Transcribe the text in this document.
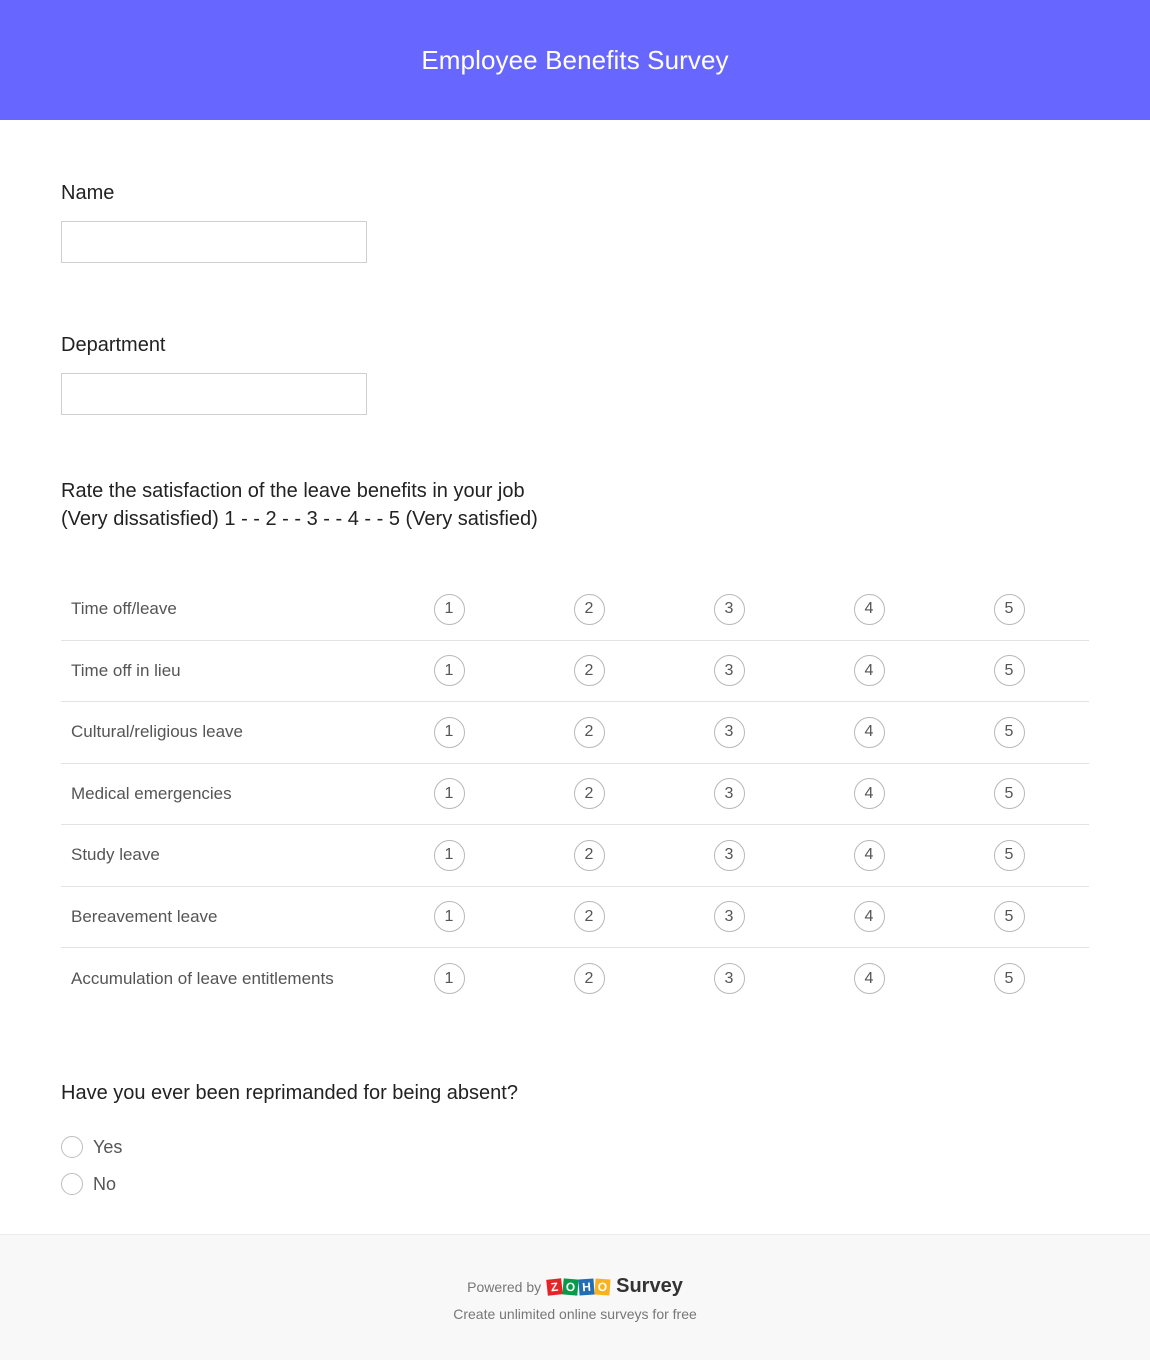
Employee Benefits Survey
Name
Department
Rate the satisfaction of the leave benefits in your job
(Very dissatisfied) 1 - - 2 - - 3 - - 4 - - 5 (Very satisfied)
Time off/leave	1	2	3	4	5
Time off in lieu	1	2	3	4	5
Cultural/religious leave	1	2	3	4	5
Medical emergencies	1	2	3	4	5
Study leave	1	2	3	4	5
Bereavement leave	1	2	3	4	5
Accumulation of leave entitlements	1	2	3	4	5
Have you ever been reprimanded for being absent?
Yes
No
Powered by Z O H O Survey
Create unlimited online surveys for free
